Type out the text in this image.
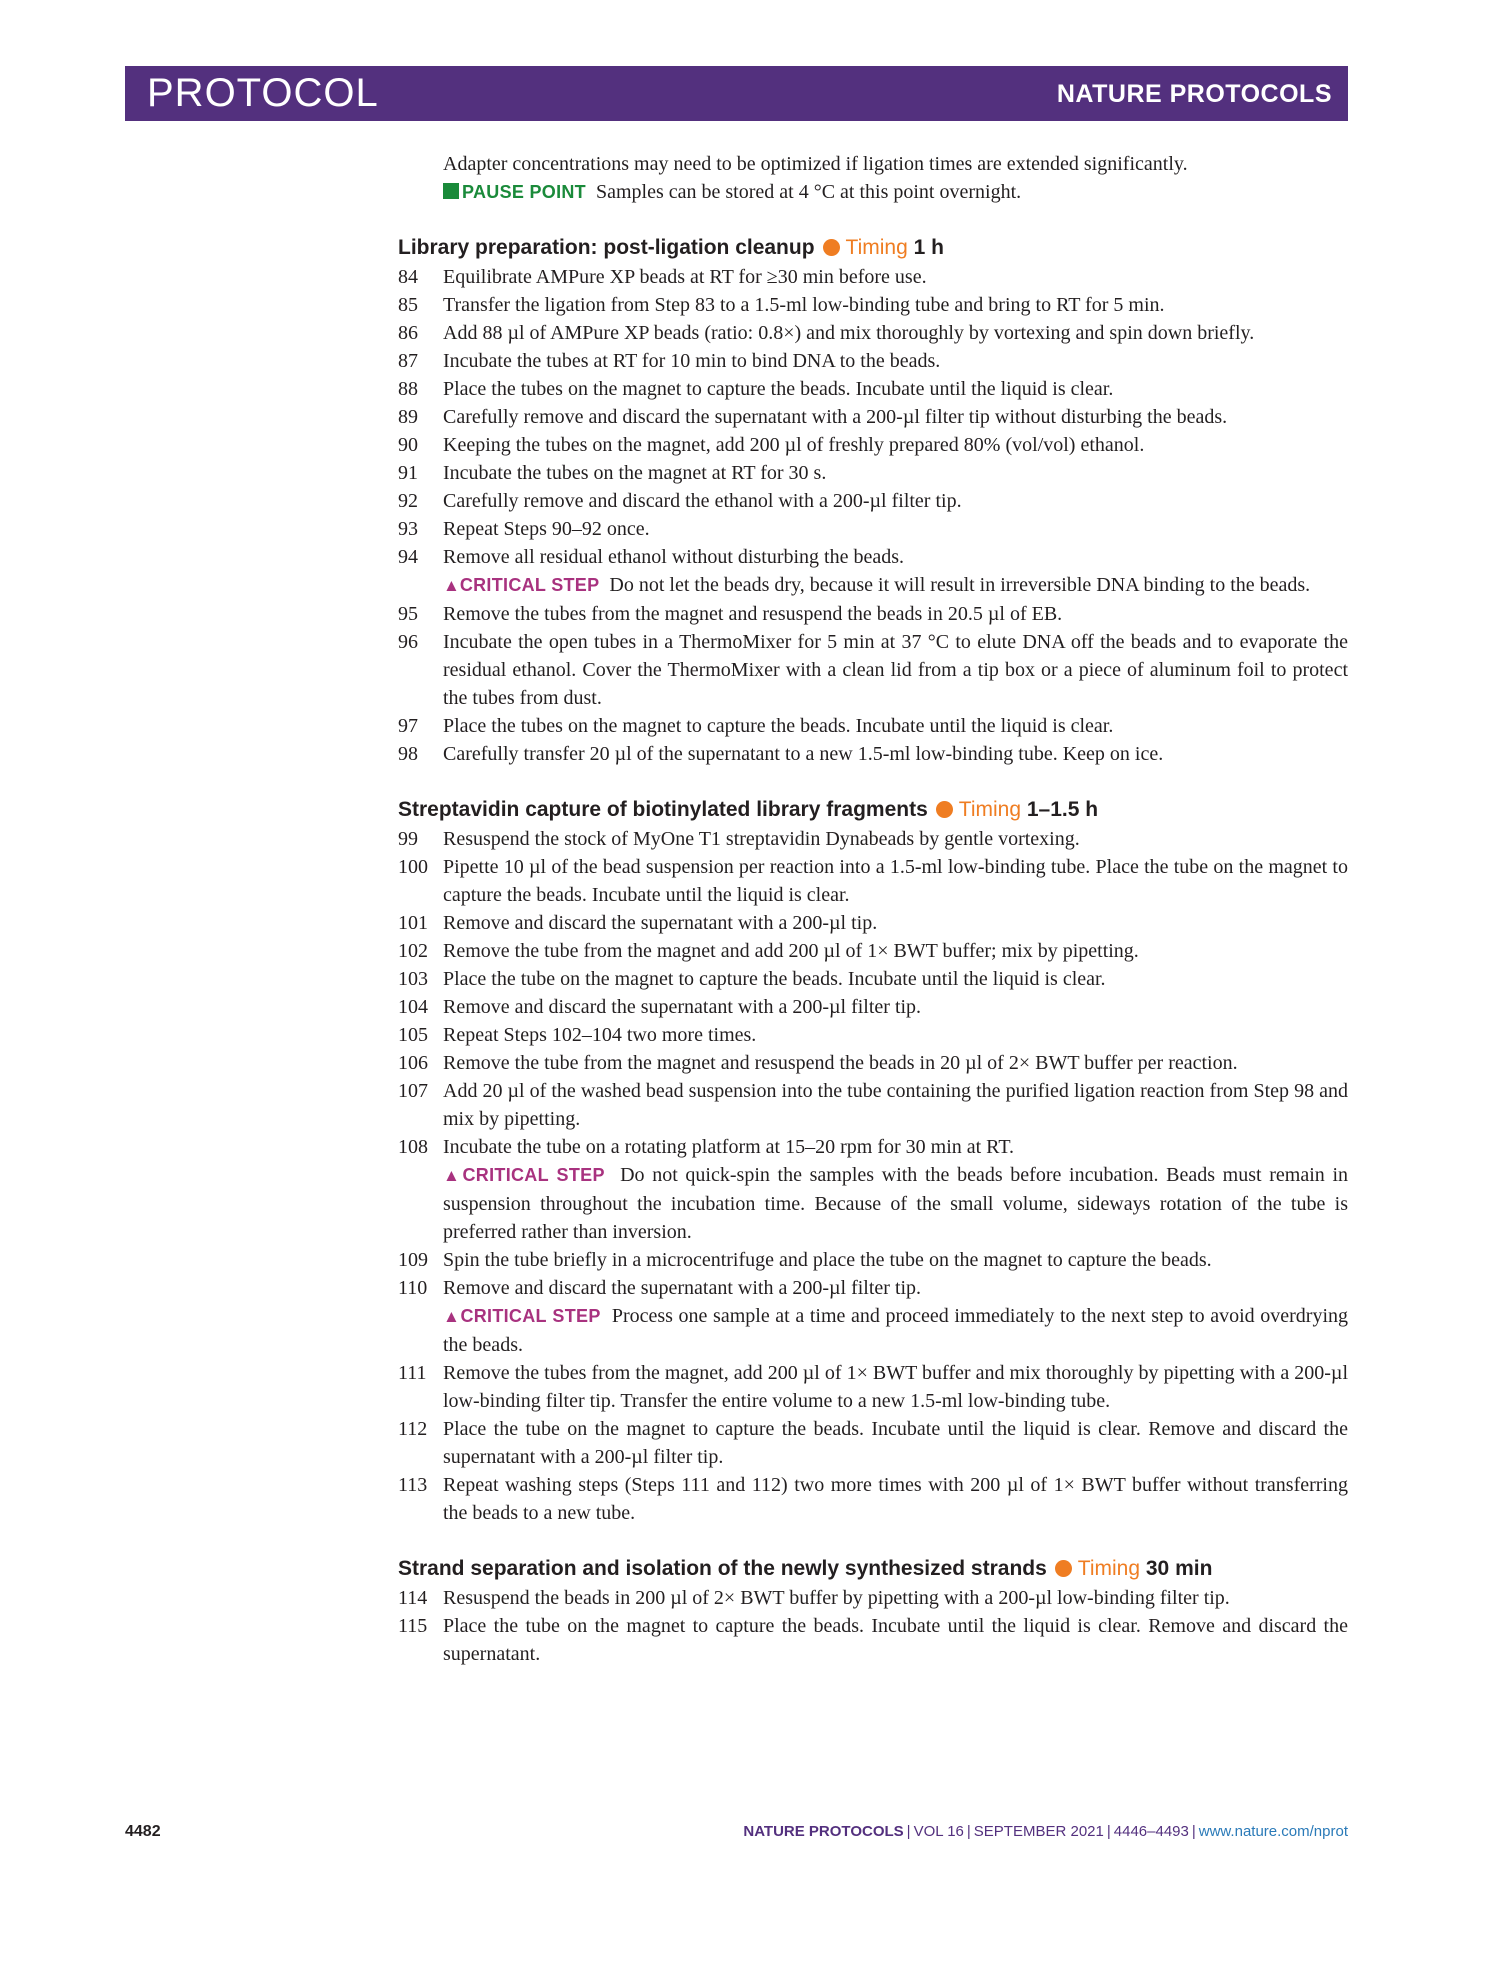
PROTOCOL	NATURE PROTOCOLS
Adapter concentrations may need to be optimized if ligation times are extended significantly.
PAUSE POINT Samples can be stored at 4 °C at this point overnight.
Library preparation: post-ligation cleanup Timing 1 h
84 Equilibrate AMPure XP beads at RT for ≥30 min before use.
85 Transfer the ligation from Step 83 to a 1.5-ml low-binding tube and bring to RT for 5 min.
86 Add 88 µl of AMPure XP beads (ratio: 0.8×) and mix thoroughly by vortexing and spin down briefly.
87 Incubate the tubes at RT for 10 min to bind DNA to the beads.
88 Place the tubes on the magnet to capture the beads. Incubate until the liquid is clear.
89 Carefully remove and discard the supernatant with a 200-µl filter tip without disturbing the beads.
90 Keeping the tubes on the magnet, add 200 µl of freshly prepared 80% (vol/vol) ethanol.
91 Incubate the tubes on the magnet at RT for 30 s.
92 Carefully remove and discard the ethanol with a 200-µl filter tip.
93 Repeat Steps 90–92 once.
94 Remove all residual ethanol without disturbing the beads.
▲CRITICAL STEP Do not let the beads dry, because it will result in irreversible DNA binding to the beads.
95 Remove the tubes from the magnet and resuspend the beads in 20.5 µl of EB.
96 Incubate the open tubes in a ThermoMixer for 5 min at 37 °C to elute DNA off the beads and to evaporate the residual ethanol. Cover the ThermoMixer with a clean lid from a tip box or a piece of aluminum foil to protect the tubes from dust.
97 Place the tubes on the magnet to capture the beads. Incubate until the liquid is clear.
98 Carefully transfer 20 µl of the supernatant to a new 1.5-ml low-binding tube. Keep on ice.
Streptavidin capture of biotinylated library fragments Timing 1–1.5 h
99 Resuspend the stock of MyOne T1 streptavidin Dynabeads by gentle vortexing.
100 Pipette 10 µl of the bead suspension per reaction into a 1.5-ml low-binding tube. Place the tube on the magnet to capture the beads. Incubate until the liquid is clear.
101 Remove and discard the supernatant with a 200-µl tip.
102 Remove the tube from the magnet and add 200 µl of 1× BWT buffer; mix by pipetting.
103 Place the tube on the magnet to capture the beads. Incubate until the liquid is clear.
104 Remove and discard the supernatant with a 200-µl filter tip.
105 Repeat Steps 102–104 two more times.
106 Remove the tube from the magnet and resuspend the beads in 20 µl of 2× BWT buffer per reaction.
107 Add 20 µl of the washed bead suspension into the tube containing the purified ligation reaction from Step 98 and mix by pipetting.
108 Incubate the tube on a rotating platform at 15–20 rpm for 30 min at RT.
▲CRITICAL STEP Do not quick-spin the samples with the beads before incubation. Beads must remain in suspension throughout the incubation time. Because of the small volume, sideways rotation of the tube is preferred rather than inversion.
109 Spin the tube briefly in a microcentrifuge and place the tube on the magnet to capture the beads.
110 Remove and discard the supernatant with a 200-µl filter tip.
▲CRITICAL STEP Process one sample at a time and proceed immediately to the next step to avoid overdrying the beads.
111 Remove the tubes from the magnet, add 200 µl of 1× BWT buffer and mix thoroughly by pipetting with a 200-µl low-binding filter tip. Transfer the entire volume to a new 1.5-ml low-binding tube.
112 Place the tube on the magnet to capture the beads. Incubate until the liquid is clear. Remove and discard the supernatant with a 200-µl filter tip.
113 Repeat washing steps (Steps 111 and 112) two more times with 200 µl of 1× BWT buffer without transferring the beads to a new tube.
Strand separation and isolation of the newly synthesized strands Timing 30 min
114 Resuspend the beads in 200 µl of 2× BWT buffer by pipetting with a 200-µl low-binding filter tip.
115 Place the tube on the magnet to capture the beads. Incubate until the liquid is clear. Remove and discard the supernatant.
4482	NATURE PROTOCOLS | VOL 16 | SEPTEMBER 2021 | 4446–4493 | www.nature.com/nprot
